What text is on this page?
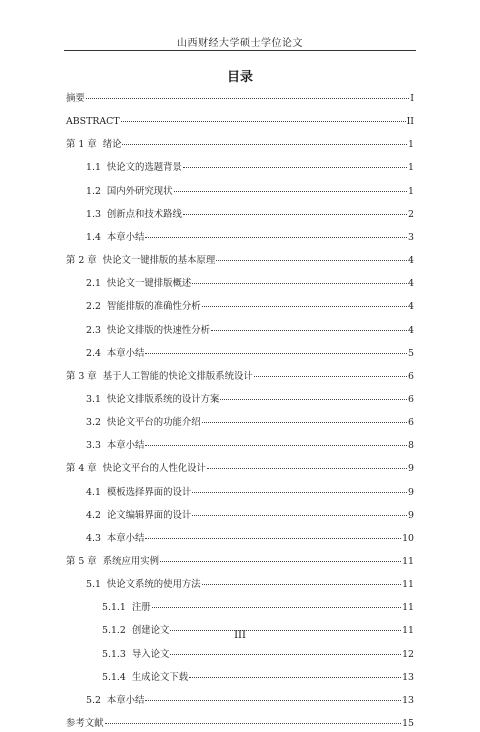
山西财经大学硕士学位论文
目录
摘要	I
ABSTRACT	II
第 1 章 绪论	1
1.1 快论文的选题背景	1
1.2 国内外研究现状	1
1.3 创新点和技术路线	2
1.4 本章小结	3
第 2 章 快论文一键排版的基本原理	4
2.1 快论文一键排版概述	4
2.2 智能排版的准确性分析	4
2.3 快论文排版的快速性分析	4
2.4 本章小结	5
第 3 章 基于人工智能的快论文排版系统设计	6
3.1 快论文排版系统的设计方案	6
3.2 快论文平台的功能介绍	6
3.3 本章小结	8
第 4 章 快论文平台的人性化设计	9
4.1 模板选择界面的设计	9
4.2 论文编辑界面的设计	9
4.3 本章小结	10
第 5 章 系统应用实例	11
5.1 快论文系统的使用方法	11
5.1.1 注册	11
5.1.2 创建论文	11
5.1.3 导入论文	12
5.1.4 生成论文下载	13
5.2 本章小结	13
参考文献	15
III
